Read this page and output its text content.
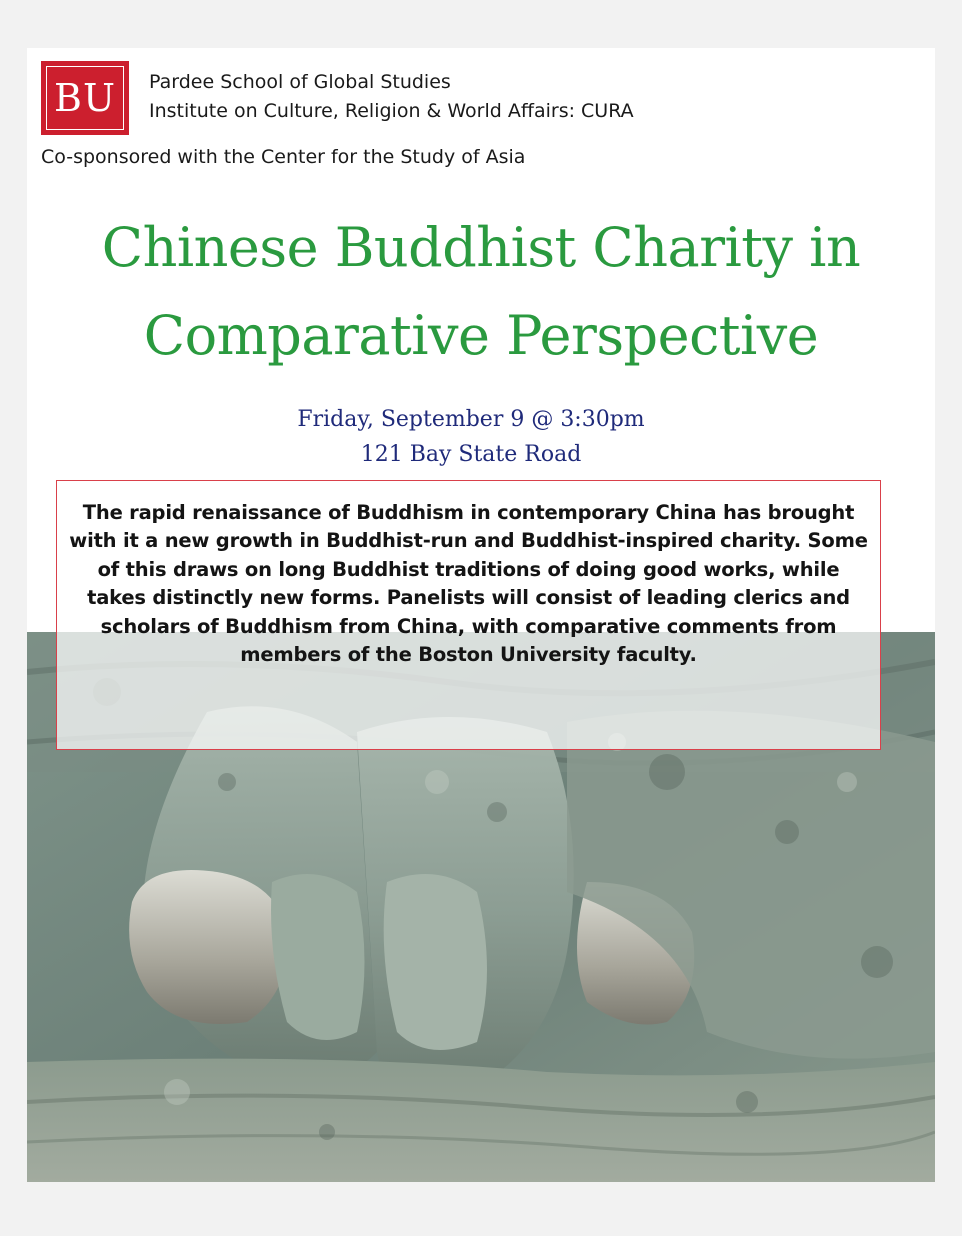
BU	Pardee School of Global Studies
Institute on Culture, Religion & World Affairs: CURA
Co-sponsored with the Center for the Study of Asia
Chinese Buddhist Charity in
Comparative Perspective
Friday, September 9 @ 3:30pm
121 Bay State Road
The rapid renaissance of Buddhism in contemporary China has brought with it a new growth in Buddhist-run and Buddhist-inspired charity. Some of this draws on long Buddhist traditions of doing good works, while takes distinctly new forms. Panelists will consist of leading clerics and scholars of Buddhism from China, with comparative comments from members of the Boston University faculty.
